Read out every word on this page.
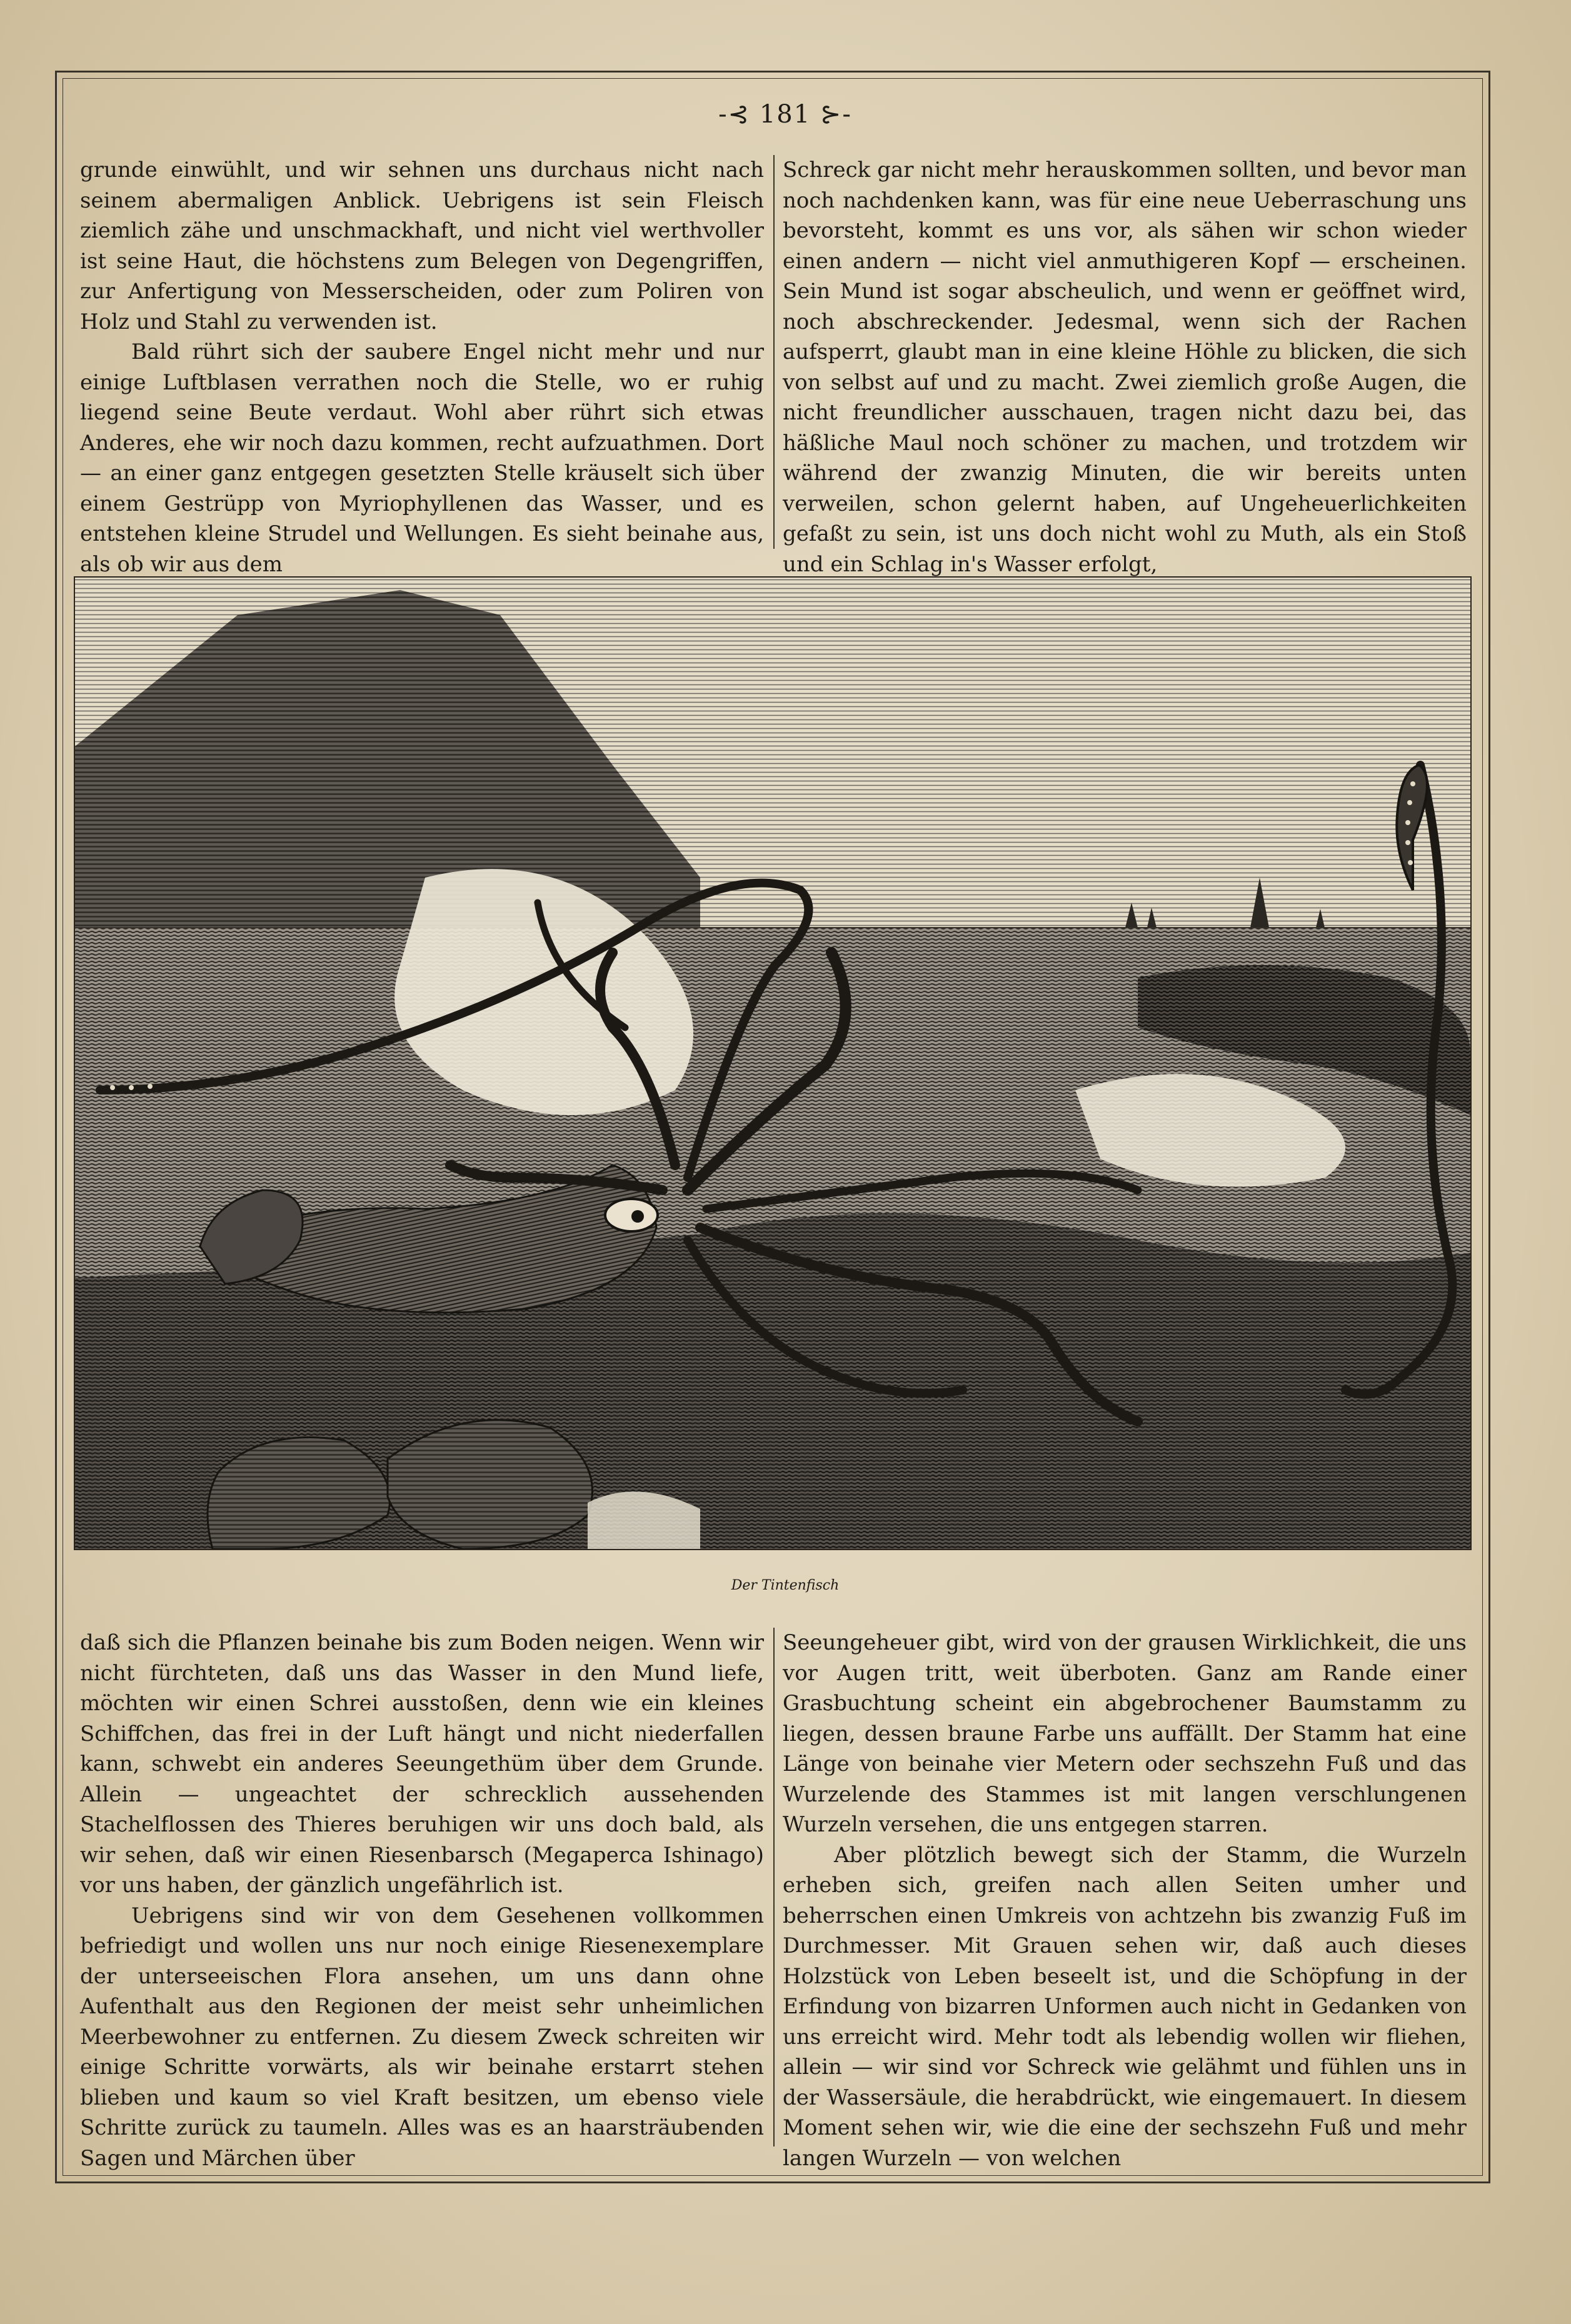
-⊰ 181 ⊱-

grunde einwühlt, und wir sehnen uns durchaus nicht nach seinem abermaligen Anblick. Uebrigens ist sein Fleisch ziemlich zähe und unschmackhaft, und nicht viel werthvoller ist seine Haut, die höchstens zum Belegen von Degengriffen, zur Anfertigung von Messerscheiden, oder zum Poliren von Holz und Stahl zu verwenden ist.

Bald rührt sich der saubere Engel nicht mehr und nur einige Luftblasen verrathen noch die Stelle, wo er ruhig liegend seine Beute verdaut. Wohl aber rührt sich etwas Anderes, ehe wir noch dazu kommen, recht aufzuathmen. Dort — an einer ganz entgegen gesetzten Stelle kräuselt sich über einem Gestrüpp von Myriophyllenen das Wasser, und es entstehen kleine Strudel und Wellungen. Es sieht beinahe aus, als ob wir aus dem

Schreck gar nicht mehr herauskommen sollten, und bevor man noch nachdenken kann, was für eine neue Ueberraschung uns bevorsteht, kommt es uns vor, als sähen wir schon wieder einen andern — nicht viel anmuthigeren Kopf — erscheinen. Sein Mund ist sogar abscheulich, und wenn er geöffnet wird, noch abschreckender. Jedesmal, wenn sich der Rachen aufsperrt, glaubt man in eine kleine Höhle zu blicken, die sich von selbst auf und zu macht. Zwei ziemlich große Augen, die nicht freundlicher ausschauen, tragen nicht dazu bei, das häßliche Maul noch schöner zu machen, und trotzdem wir während der zwanzig Minuten, die wir bereits unten verweilen, schon gelernt haben, auf Ungeheuerlichkeiten gefaßt zu sein, ist uns doch nicht wohl zu Muth, als ein Stoß und ein Schlag in's Wasser erfolgt,

Der Tintenfisch

daß sich die Pflanzen beinahe bis zum Boden neigen. Wenn wir nicht fürchteten, daß uns das Wasser in den Mund liefe, möchten wir einen Schrei ausstoßen, denn wie ein kleines Schiffchen, das frei in der Luft hängt und nicht niederfallen kann, schwebt ein anderes Seeungethüm über dem Grunde. Allein — ungeachtet der schrecklich aussehenden Stachelflossen des Thieres beruhigen wir uns doch bald, als wir sehen, daß wir einen Riesenbarsch (Megaperca Ishinago) vor uns haben, der gänzlich ungefährlich ist.

Uebrigens sind wir von dem Gesehenen vollkommen befriedigt und wollen uns nur noch einige Riesenexemplare der unterseeischen Flora ansehen, um uns dann ohne Aufenthalt aus den Regionen der meist sehr unheimlichen Meerbewohner zu entfernen. Zu diesem Zweck schreiten wir einige Schritte vorwärts, als wir beinahe erstarrt stehen blieben und kaum so viel Kraft besitzen, um ebenso viele Schritte zurück zu taumeln. Alles was es an haarsträubenden Sagen und Märchen über

Seeungeheuer gibt, wird von der grausen Wirklichkeit, die uns vor Augen tritt, weit überboten. Ganz am Rande einer Grasbuchtung scheint ein abgebrochener Baumstamm zu liegen, dessen braune Farbe uns auffällt. Der Stamm hat eine Länge von beinahe vier Metern oder sechszehn Fuß und das Wurzelende des Stammes ist mit langen verschlungenen Wurzeln versehen, die uns entgegen starren.

Aber plötzlich bewegt sich der Stamm, die Wurzeln erheben sich, greifen nach allen Seiten umher und beherrschen einen Umkreis von achtzehn bis zwanzig Fuß im Durchmesser. Mit Grauen sehen wir, daß auch dieses Holzstück von Leben beseelt ist, und die Schöpfung in der Erfindung von bizarren Unformen auch nicht in Gedanken von uns erreicht wird. Mehr todt als lebendig wollen wir fliehen, allein — wir sind vor Schreck wie gelähmt und fühlen uns in der Wassersäule, die herabdrückt, wie eingemauert. In diesem Moment sehen wir, wie die eine der sechszehn Fuß und mehr langen Wurzeln — von welchen
